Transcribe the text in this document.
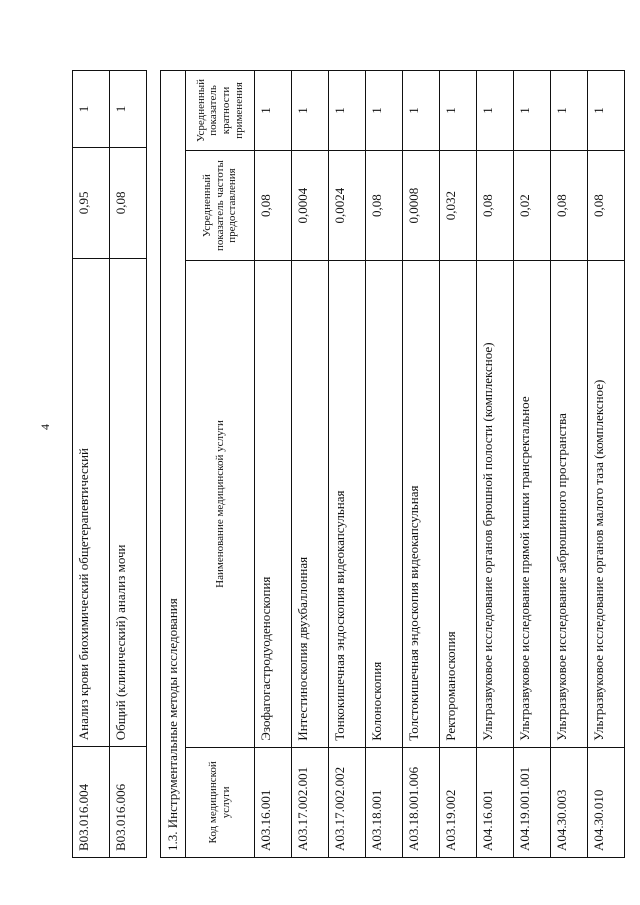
4
B03.016.004	Анализ крови биохимический общетерапевтический	0,95	1
B03.016.006	Общий (клинический) анализ мочи	0,08	1
1.3. Инструментальные методы исследования			
Код медицинской услуги	Наименование медицинской услуги	Усредненный показатель частоты предоставления	Усредненный показатель кратности применения
A03.16.001	Эзофагогастродуоденоскопия	0,08	1
A03.17.002.001	Интестиноскопия двухбаллонная	0,0004	1
A03.17.002.002	Тонкокишечная эндоскопия видеокапсульная	0,0024	1
A03.18.001	Колоноскопия	0,08	1
A03.18.001.006	Толстокишечная эндоскопия видеокапсульная	0,0008	1
A03.19.002	Ректороманоскопия	0,032	1
A04.16.001	Ультразвуковое исследование органов брюшной полости (комплексное)	0,08	1
A04.19.001.001	Ультразвуковое исследование прямой кишки трансректальное	0,02	1
A04.30.003	Ультразвуковое исследование забрюшинного пространства	0,08	1
A04.30.010	Ультразвуковое исследование органов малого таза (комплексное)	0,08	1
